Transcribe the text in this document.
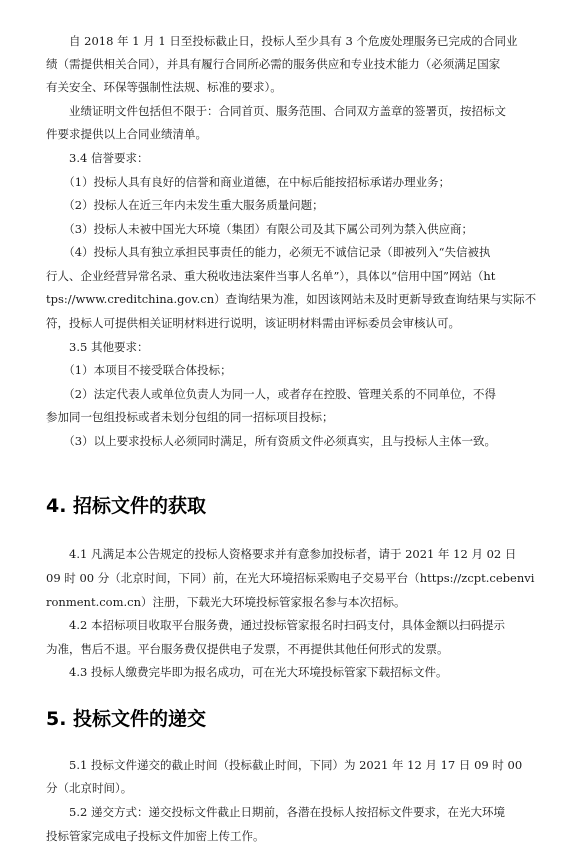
　　自 2018 年 1 月 1 日至投标截止日，投标人至少具有 3 个危废处理服务已完成的合同业

绩（需提供相关合同），并具有履行合同所必需的服务供应和专业技术能力（必须满足国家

有关安全、环保等强制性法规、标准的要求）。

　　业绩证明文件包括但不限于：合同首页、服务范围、合同双方盖章的签署页，按招标文

件要求提供以上合同业绩清单。

　　3.4 信誉要求：

　　（1）投标人具有良好的信誉和商业道德，在中标后能按招标承诺办理业务；

　　（2）投标人在近三年内未发生重大服务质量问题；

　　（3）投标人未被中国光大环境（集团）有限公司及其下属公司列为禁入供应商；

　　（4）投标人具有独立承担民事责任的能力，必须无不诚信记录（即被列入“失信被执

行人、企业经营异常名录、重大税收违法案件当事人名单”），具体以“信用中国”网站（ht

tps://www.creditchina.gov.cn）查询结果为准，如因该网站未及时更新导致查询结果与实际不

符，投标人可提供相关证明材料进行说明，该证明材料需由评标委员会审核认可。

　　3.5 其他要求：

　　（1）本项目不接受联合体投标；

　　（2）法定代表人或单位负责人为同一人，或者存在控股、管理关系的不同单位，不得

参加同一包组投标或者未划分包组的同一招标项目投标；

　　（3）以上要求投标人必须同时满足，所有资质文件必须真实，且与投标人主体一致。

4. 招标文件的获取

　　4.1 凡满足本公告规定的投标人资格要求并有意参加投标者，请于 2021 年 12 月 02 日

09 时 00 分（北京时间，下同）前，在光大环境招标采购电子交易平台（https://zcpt.cebenvi

ronment.com.cn）注册，下载光大环境投标管家报名参与本次招标。

　　4.2 本招标项目收取平台服务费，通过投标管家报名时扫码支付，具体金额以扫码提示

为准，售后不退。平台服务费仅提供电子发票，不再提供其他任何形式的发票。

　　4.3 投标人缴费完毕即为报名成功，可在光大环境投标管家下载招标文件。

5. 投标文件的递交

　　5.1 投标文件递交的截止时间（投标截止时间，下同）为 2021 年 12 月 17 日 09 时 00

分（北京时间）。

　　5.2 递交方式：递交投标文件截止日期前，各潜在投标人按招标文件要求，在光大环境

投标管家完成电子投标文件加密上传工作。
